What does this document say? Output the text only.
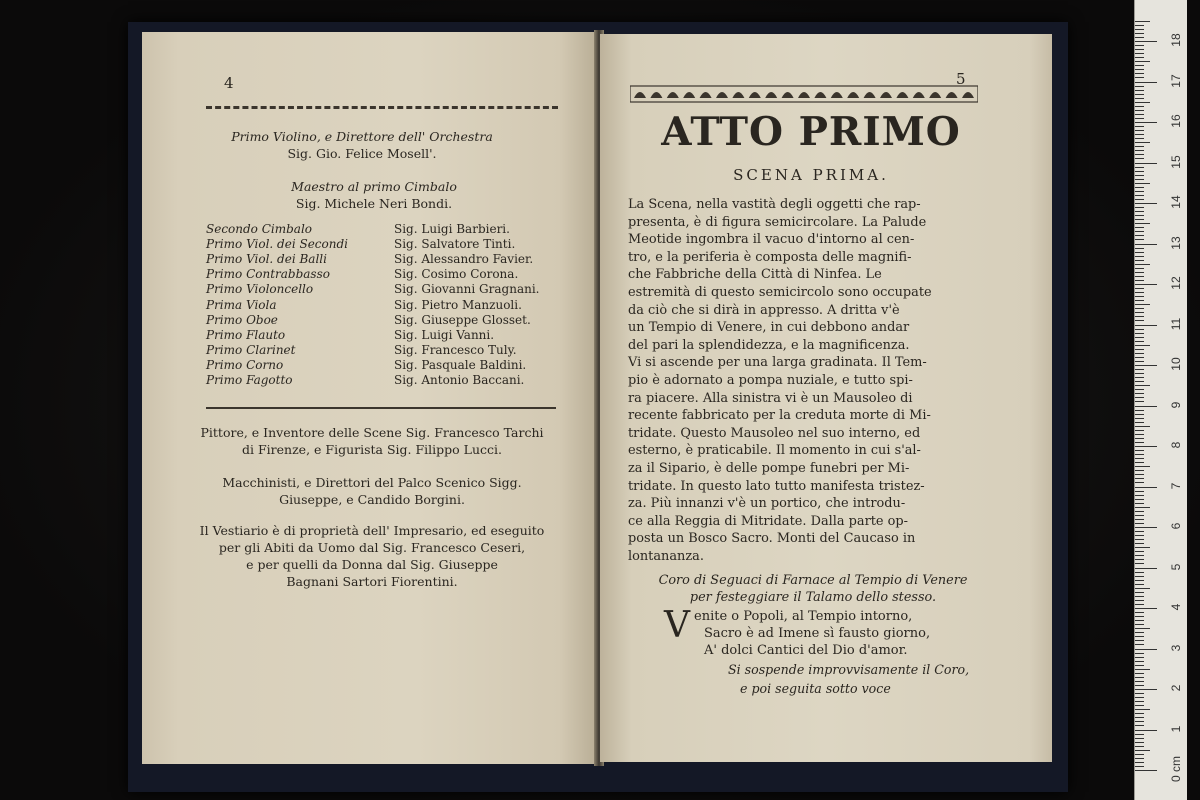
4
Primo Violino, e Direttore dell' Orchestra
Sig. Gio. Felice Mosell'.
Maestro al primo Cimbalo
Sig. Michele Neri Bondi.
Secondo Cimbalo	Sig. Luigi Barbieri.
Primo Viol. dei Secondi	Sig. Salvatore Tinti.
Primo Viol. dei Balli	Sig. Alessandro Favier.
Primo Contrabbasso	Sig. Cosimo Corona.
Primo Violoncello	Sig. Giovanni Gragnani.
Prima Viola	Sig. Pietro Manzuoli.
Primo Oboe	Sig. Giuseppe Glosset.
Primo Flauto	Sig. Luigi Vanni.
Primo Clarinet	Sig. Francesco Tuly.
Primo Corno	Sig. Pasquale Baldini.
Primo Fagotto	Sig. Antonio Baccani.
Pittore, e Inventore delle Scene Sig. Francesco Tarchi
di Firenze, e Figurista Sig. Filippo Lucci.
Macchinisti, e Direttori del Palco Scenico Sigg.
Giuseppe, e Candido Borgini.
Il Vestiario è di proprietà dell' Impresario, ed eseguito
per gli Abiti da Uomo dal Sig. Francesco Ceseri,
e per quelli da Donna dal Sig. Giuseppe
Bagnani Sartori Fiorentini.
5
ATTO PRIMO
SCENA PRIMA.
La Scena, nella vastità degli oggetti che rap-
presenta, è di figura semicircolare. La Palude
Meotide ingombra il vacuo d'intorno al cen-
tro, e la periferia è composta delle magnifi-
che Fabbriche della Città di Ninfea. Le
estremità di questo semicircolo sono occupate
da ciò che si dirà in appresso. A dritta v'è
un Tempio di Venere, in cui debbono andar
del pari la splendidezza, e la magnificenza.
Vi si ascende per una larga gradinata. Il Tem-
pio è adornato a pompa nuziale, e tutto spi-
ra piacere. Alla sinistra vi è un Mausoleo di
recente fabbricato per la creduta morte di Mi-
tridate. Questo Mausoleo nel suo interno, ed
esterno, è praticabile. Il momento in cui s'al-
za il Sipario, è delle pompe funebri per Mi-
tridate. In questo lato tutto manifesta tristez-
za. Più innanzi v'è un portico, che introdu-
ce alla Reggia di Mitridate. Dalla parte op-
posta un Bosco Sacro. Monti del Caucaso in
lontananza.
Coro di Seguaci di Farnace al Tempio di Venere
per festeggiare il Talamo dello stesso.
V enite o Popoli, al Tempio intorno,
Sacro è ad Imene sì fausto giorno,
A' dolci Cantici del Dio d'amor.
Si sospende improvvisamente il Coro,
e poi seguita sotto voce
0 cm
1
2
3
4
5
6
7
8
9
10
11
12
13
14
15
16
17
18
